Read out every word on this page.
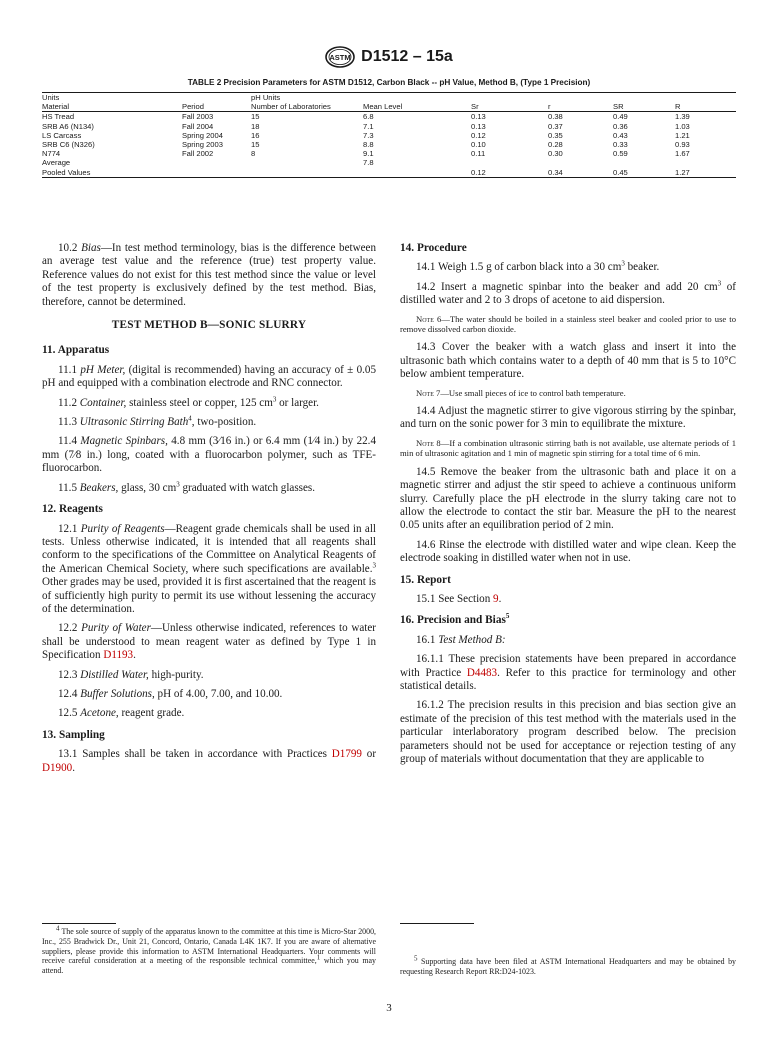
ASTM D1512 – 15a
TABLE 2 Precision Parameters for ASTM D1512, Carbon Black -- pH Value, Method B, (Type 1 Precision)
Units		pH Units					
Material	Period	Number of Laboratories	Mean Level	Sr	r	SR	R
HS Tread	Fall 2003	15	6.8	0.13	0.38	0.49	1.39
SRB A6 (N134)	Fall 2004	18	7.1	0.13	0.37	0.36	1.03
LS Carcass	Spring 2004	16	7.3	0.12	0.35	0.43	1.21
SRB C6 (N326)	Spring 2003	15	8.8	0.10	0.28	0.33	0.93
N774	Fall 2002	8	9.1	0.11	0.30	0.59	1.67
Average			7.8				
Pooled Values				0.12	0.34	0.45	1.27

10.2 Bias—In test method terminology, bias is the difference between an average test value and the reference (true) test property value. Reference values do not exist for this test method since the value or level of the test property is exclusively defined by the test method. Bias, therefore, cannot be determined.

TEST METHOD B—SONIC SLURRY
11. Apparatus

11.1 pH Meter, (digital is recommended) having an accuracy of ± 0.05 pH and equipped with a combination electrode and RNC connector.

11.2 Container, stainless steel or copper, 125 $cm^3$ or larger.

11.3 Ultrasonic Stirring Bath$^4$, two-position.

11.4 Magnetic Spinbars, 4.8 mm (3⁄16 in.) or 6.4 mm (1⁄4 in.) by 22.4 mm (7⁄8 in.) long, coated with a fluorocarbon polymer, such as TFE-fluorocarbon.

11.5 Beakers, glass, 30 $cm^3$ graduated with watch glasses.

12. Reagents

12.1 Purity of Reagents—Reagent grade chemicals shall be used in all tests. Unless otherwise indicated, it is intended that all reagents shall conform to the specifications of the Committee on Analytical Reagents of the American Chemical Society, where such specifications are available.$^3$ Other grades may be used, provided it is first ascertained that the reagent is of sufficiently high purity to permit its use without lessening the accuracy of the determination.

12.2 Purity of Water—Unless otherwise indicated, references to water shall be understood to mean reagent water as defined by Type 1 in Specification D1193.

12.3 Distilled Water, high-purity.

12.4 Buffer Solutions, pH of 4.00, 7.00, and 10.00.

12.5 Acetone, reagent grade.

13. Sampling

13.1 Samples shall be taken in accordance with Practices D1799 or D1900.

14. Procedure

14.1 Weigh 1.5 g of carbon black into a 30 $cm^3$ beaker.

14.2 Insert a magnetic spinbar into the beaker and add 20 $cm^3$ of distilled water and 2 to 3 drops of acetone to aid dispersion.

Note 6—The water should be boiled in a stainless steel beaker and cooled prior to use to remove dissolved carbon dioxide.

14.3 Cover the beaker with a watch glass and insert it into the ultrasonic bath which contains water to a depth of 40 mm that is 5 to 10°C below ambient temperature.

Note 7—Use small pieces of ice to control bath temperature.

14.4 Adjust the magnetic stirrer to give vigorous stirring by the spinbar, and turn on the sonic power for 3 min to equilibrate the mixture.

Note 8—If a combination ultrasonic stirring bath is not available, use alternate periods of 1 min of ultrasonic agitation and 1 min of magnetic spin stirring for a total time of 6 min.

14.5 Remove the beaker from the ultrasonic bath and place it on a magnetic stirrer and adjust the stir speed to achieve a continuous uniform slurry. Carefully place the pH electrode in the slurry taking care not to allow the electrode to contact the stir bar. Measure the pH to the nearest 0.05 units after an equilibration period of 2 min.

14.6 Rinse the electrode with distilled water and wipe clean. Keep the electrode soaking in distilled water when not in use.

15. Report

15.1 See Section 9.

16. Precision and Bias$^5$

16.1 Test Method B:

16.1.1 These precision statements have been prepared in accordance with Practice D4483. Refer to this practice for terminology and other statistical details.

16.1.2 The precision results in this precision and bias section give an estimate of the precision of this test method with the materials used in the particular interlaboratory program described below. The precision parameters should not be used for acceptance or rejection testing of any group of materials without documentation that they are applicable to

$^4$ The sole source of supply of the apparatus known to the committee at this time is Micro-Star 2000, Inc., 255 Bradwick Dr., Unit 21, Concord, Ontario, Canada L4K 1K7. If you are aware of alternative suppliers, please provide this information to ASTM International Headquarters. Your comments will receive careful consideration at a meeting of the responsible technical committee,$^1$ which you may attend.

$^5$ Supporting data have been filed at ASTM International Headquarters and may be obtained by requesting Research Report RR:D24-1023.

3
